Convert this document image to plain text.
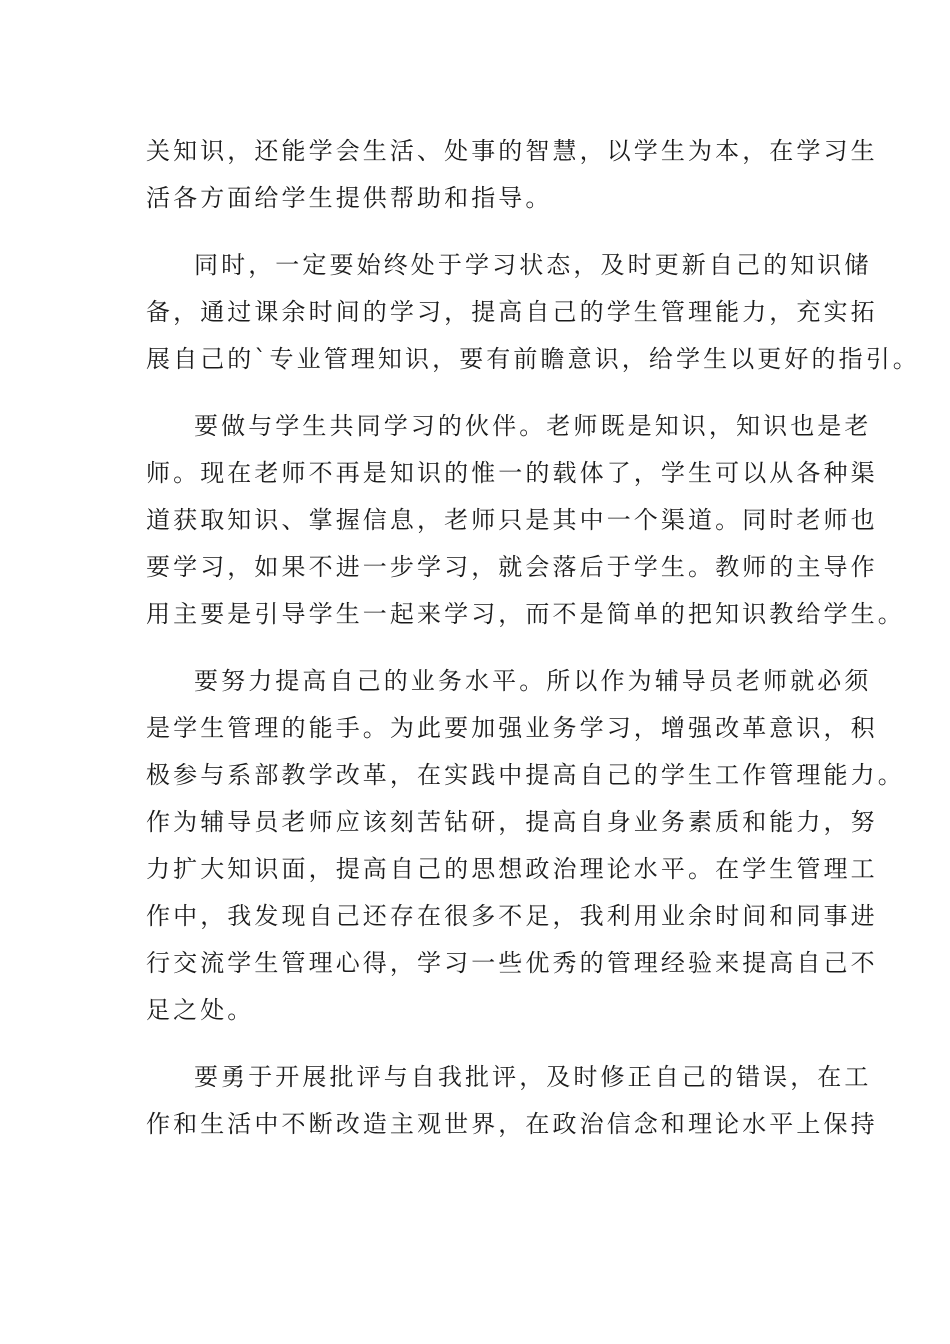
关知识，还能学会生活、处事的智慧，以学生为本，在学习生
活各方面给学生提供帮助和指导。
同时，一定要始终处于学习状态，及时更新自己的知识储
备，通过课余时间的学习，提高自己的学生管理能力，充实拓
展自己的`专业管理知识，要有前瞻意识，给学生以更好的指引。
要做与学生共同学习的伙伴。老师既是知识，知识也是老
师。现在老师不再是知识的惟一的载体了，学生可以从各种渠
道获取知识、掌握信息，老师只是其中一个渠道。同时老师也
要学习，如果不进一步学习，就会落后于学生。教师的主导作
用主要是引导学生一起来学习，而不是简单的把知识教给学生。
要努力提高自己的业务水平。所以作为辅导员老师就必须
是学生管理的能手。为此要加强业务学习，增强改革意识，积
极参与系部教学改革，在实践中提高自己的学生工作管理能力。
作为辅导员老师应该刻苦钻研，提高自身业务素质和能力，努
力扩大知识面，提高自己的思想政治理论水平。在学生管理工
作中，我发现自己还存在很多不足，我利用业余时间和同事进
行交流学生管理心得，学习一些优秀的管理经验来提高自己不
足之处。
要勇于开展批评与自我批评，及时修正自己的错误，在工
作和生活中不断改造主观世界，在政治信念和理论水平上保持
